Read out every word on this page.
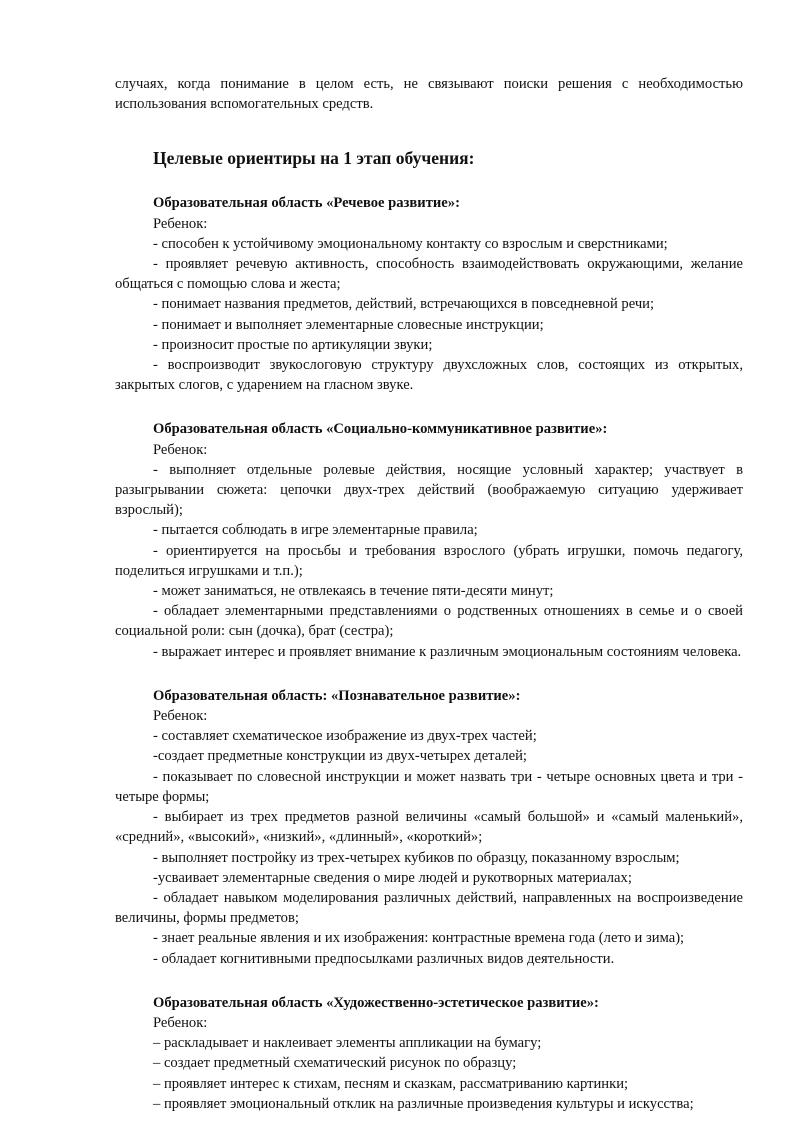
случаях, когда понимание в целом есть, не связывают поиски решения с необходимостью использования вспомогательных средств.

Целевые ориентиры на 1 этап обучения:
Образовательная область «Речевое развитие»:
Ребенок:

- способен к устойчивому эмоциональному контакту со взрослым и сверстниками;

- проявляет речевую активность, способность взаимодействовать окружающими, желание общаться с помощью слова и жеста;

- понимает названия предметов, действий, встречающихся в повседневной речи;

- понимает и выполняет элементарные словесные инструкции;

- произносит простые по артикуляции звуки;

- воспроизводит звукослоговую структуру двухсложных слов, состоящих из открытых, закрытых слогов, с ударением на гласном звуке.

Образовательная область «Социально-коммуникативное развитие»:
Ребенок:

- выполняет отдельные ролевые действия, носящие условный характер; участвует в разыгрывании сюжета: цепочки двух-трех действий (воображаемую ситуацию удерживает взрослый);

- пытается соблюдать в игре элементарные правила;

- ориентируется на просьбы и требования взрослого (убрать игрушки, помочь педагогу, поделиться игрушками и т.п.);

- может заниматься, не отвлекаясь в течение пяти-десяти минут;

- обладает элементарными представлениями о родственных отношениях в семье и о своей социальной роли: сын (дочка), брат (сестра);

- выражает интерес и проявляет внимание к различным эмоциональным состояниям человека.

Образовательная область: «Познавательное развитие»:
Ребенок:

- составляет схематическое изображение из двух-трех частей;

-создает предметные конструкции из двух-четырех деталей;

- показывает по словесной инструкции и может назвать три - четыре основных цвета и три - четыре формы;

- выбирает из трех предметов разной величины «самый большой» и «самый маленький», «средний», «высокий», «низкий», «длинный», «короткий»;

- выполняет постройку из трех-четырех кубиков по образцу, показанному взрослым;

-усваивает элементарные сведения о мире людей и рукотворных материалах;

- обладает навыком моделирования различных действий, направленных на воспроизведение величины, формы предметов;

- знает реальные явления и их изображения: контрастные времена года (лето и зима);

- обладает когнитивными предпосылками различных видов деятельности.

Образовательная область «Художественно-эстетическое развитие»:
Ребенок:

– раскладывает и наклеивает элементы аппликации на бумагу;

– создает предметный схематический рисунок по образцу;

– проявляет интерес к стихам, песням и сказкам, рассматриванию картинки;

– проявляет эмоциональный отклик на различные произведения культуры и искусства;
